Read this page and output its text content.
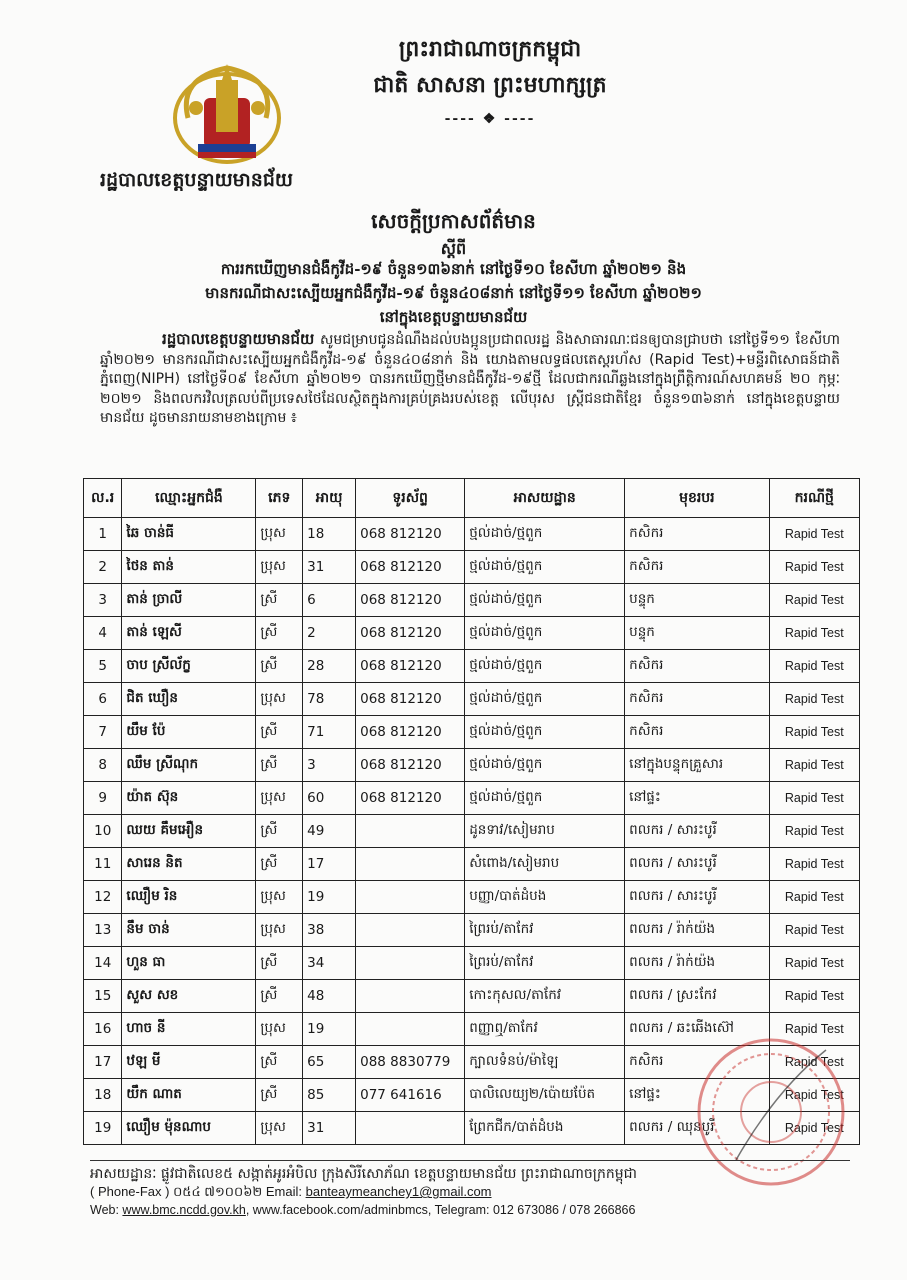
ព្រះរាជាណាចក្រកម្ពុជា
ជាតិ សាសនា ព្រះមហាក្សត្រ
---- ❖ ----
រដ្ឋបាលខេត្តបន្ទាយមានជ័យ
សេចក្តីប្រកាសព័ត៌មាន
ស្តីពី
ការរកឃើញមានជំងឺកូវីដ-១៩ ចំនួន១៣៦នាក់ នៅថ្ងៃទី១០ ខែសីហា ឆ្នាំ២០២១ និង
មានករណីជាសះស្បើយអ្នកជំងឺកូវីដ-១៩ ចំនួន៤០៨នាក់ នៅថ្ងៃទី១១ ខែសីហា ឆ្នាំ២០២១
នៅក្នុងខេត្តបន្ទាយមានជ័យ
រដ្ឋបាលខេត្តបន្ទាយមានជ័យ សូមជម្រាបជូនដំណឹងដល់បងប្អូនប្រជាពលរដ្ឋ និងសាធារណៈជនឲ្យបានជ្រាបថា នៅថ្ងៃទី១១ ខែសីហា ឆ្នាំ២០២១ មានករណីជាសះស្បើយអ្នកជំងឺកូវីដ-១៩ ចំនួន៤០៨នាក់ និង យោងតាមលទ្ធផលតេស្តរហ័ស (Rapid Test)+មន្ទីរពិសោធន៍ជាតិភ្នំពេញ(NIPH) នៅថ្ងៃទី០៩ ខែសីហា ឆ្នាំ២០២១ បានរកឃើញថ្មីមានជំងឺកូវីដ-១៩ថ្មី ដែលជាករណីឆ្លងនៅក្នុងព្រឹត្តិការណ៍សហគមន៍ ២០ កុម្ភៈ ២០២១ និងពលករវិលត្រលប់ពីប្រទេសថៃដែលស្ថិតក្នុងការគ្រប់គ្រងរបស់ខេត្ត លើបុរស ស្ត្រីជនជាតិខ្មែរ ចំនួន១៣៦នាក់ នៅក្នុងខេត្តបន្ទាយមានជ័យ ដូចមានរាយនាមខាងក្រោម ៖
ល.រ	ឈ្មោះអ្នកជំងឺ	ភេទ	អាយុ	ទូរស័ព្ទ	អាសយដ្ឋាន	មុខរបរ	ករណីថ្មី
1	ឆៃ ចាន់ធី	ប្រុស	18	068 812120	ថ្មល់ដាច់/ថ្មពួក	កសិករ	Rapid Test
2	ថៃន តាន់	ប្រុស	31	068 812120	ថ្មល់ដាច់/ថ្មពួក	កសិករ	Rapid Test
3	តាន់ ច្រាលី	ស្រី	6	068 812120	ថ្មល់ដាច់/ថ្មពួក	បន្ទុក	Rapid Test
4	តាន់ ឡេសី	ស្រី	2	068 812120	ថ្មល់ដាច់/ថ្មពួក	បន្ទុក	Rapid Test
5	ចាប ស្រីល័ក្ខ	ស្រី	28	068 812120	ថ្មល់ដាច់/ថ្មពួក	កសិករ	Rapid Test
6	ជិត ឃឿន	ប្រុស	78	068 812120	ថ្មល់ដាច់/ថ្មពួក	កសិករ	Rapid Test
7	យឹម ប៉ែ	ស្រី	71	068 812120	ថ្មល់ដាច់/ថ្មពួក	កសិករ	Rapid Test
8	ឈឹម ស្រីណុក	ស្រី	3	068 812120	ថ្មល់ដាច់/ថ្មពួក	នៅក្នុងបន្ទុកគ្រួសារ	Rapid Test
9	យ៉ាត ស៊ុន	ប្រុស	60	068 812120	ថ្មល់ដាច់/ថ្មពួក	នៅផ្ទះ	Rapid Test
10	ឈយ គឹមអឿន	ស្រី	49		ដូនទាវ/សៀមរាប	ពលករ / សារះបូរី	Rapid Test
11	សារេន និត	ស្រី	17		សំពោង/សៀមរាប	ពលករ / សារះបូរី	Rapid Test
12	ឈឿម រិន	ប្រុស	19		បញ្ញា/បាត់ដំបង	ពលករ / សារះបូរី	Rapid Test
13	នឹម ចាន់	ប្រុស	38		ព្រៃរប់/តាកែវ	ពលករ / រ៉ាក់យ៉ង	Rapid Test
14	ហួន ធា	ស្រី	34		ព្រៃរប់/តាកែវ	ពលករ / រ៉ាក់យ៉ង	Rapid Test
15	សួស សខ	ស្រី	48		កោះកុសល/តាកែវ	ពលករ / ស្រះកែវ	Rapid Test
16	ហាច នី	ប្រុស	19		ពញ្ញាឮ/តាកែវ	ពលករ / ឆះឆើងស៊ៅ	Rapid Test
17	ឋឡ មី	ស្រី	65	088 8830779	ក្បាលទំនប់/ម៉ាឡៃ	កសិករ	Rapid Test
18	យឹក ណាត	ស្រី	85	077 641616	បាលិលេយ្យ២/ប៉ោយប៉ែត	នៅផ្ទះ	Rapid Test
19	ឈឿម ម៉ុនណាប	ប្រុស	31		ព្រែកជីក/បាត់ដំបង	ពលករ / ឈុនបូរី	Rapid Test
អាសយដ្ឋានៈ ផ្លូវជាតិលេខ៥ សង្កាត់អូរអំបិល ក្រុងសិរីសោភ័ណ ខេត្តបន្ទាយមានជ័យ ព្រះរាជាណាចក្រកម្ពុជា
( Phone-Fax ) ០៥៤ ៧១០០៦២ Email: banteaymeanchey1@gmail.com
Web: www.bmc.ncdd.gov.kh, www.facebook.com/adminbmcs, Telegram: 012 673086 / 078 266866
